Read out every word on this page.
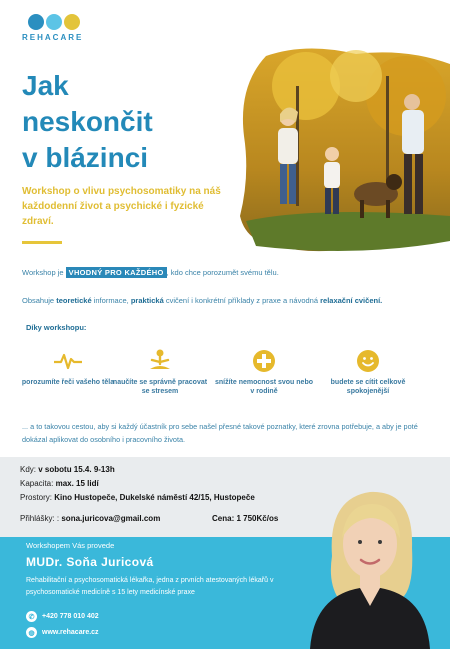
REHACARE
Jak
neskončit
v blázinci
Workshop o vlivu psychosomatiky na náš každodenní život a psychické i fyzické zdraví.
Workshop je VHODNÝ PRO KAŽDÉHO , kdo chce porozumět svému tělu.
Obsahuje teoretické informace, praktická cvičení i konkrétní příklady z praxe a návodná relaxační cvičení.
Díky workshopu:
porozumíte řeči vašeho těla
naučíte se správně pracovat se stresem
snížíte nemocnost svou nebo v rodině
budete se cítit celkově spokojenější
... a to takovou cestou, aby si každý účastník pro sebe našel přesné takové poznatky, které zrovna potřebuje, a aby je poté dokázal aplikovat do osobního i pracovního života.
Kdy: v sobotu 15.4. 9-13h
Kapacita: max. 15 lidí
Prostory: Kino Hustopeče, Dukelské náměstí 42/15, Hustopeče
Přihlášky: : sona.juricova@gmail.com	Cena: 1 750Kč/os
Workshopem Vás provede
MUDr. Soňa Juricová
Rehabilitační a psychosomatická lékařka, jedna z prvních atestovaných lékařů v psychosomatické medicíně s 15 lety medicínské praxe
✆	+420 778 010 402
◍	www.rehacare.cz
